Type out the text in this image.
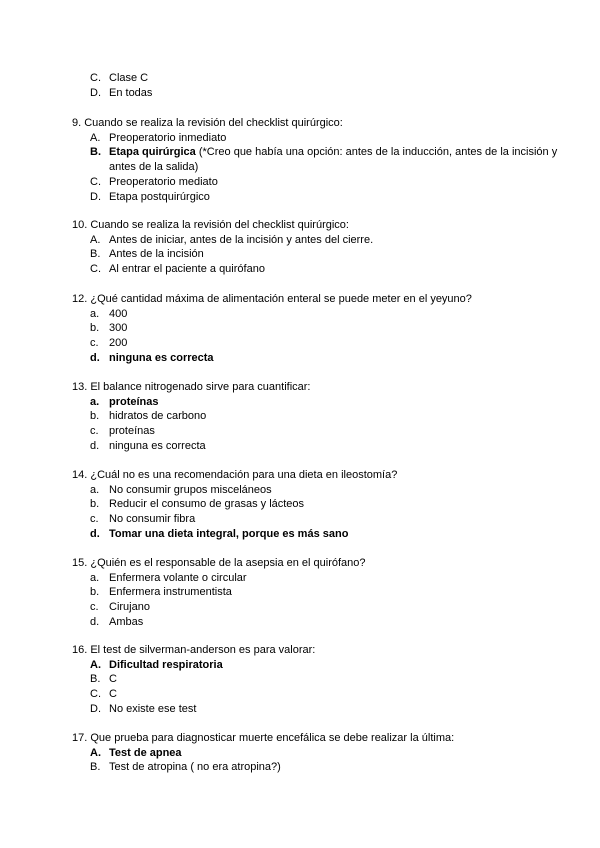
C. Clase C
D. En todas
9. Cuando se realiza la revisión del checklist quirúrgico:
A. Preoperatorio inmediato
B. Etapa quirúrgica (*Creo que había una opción: antes de la inducción, antes de la incisión y antes de la salida)
C. Preoperatorio mediato
D. Etapa postquirúrgico
10. Cuando se realiza la revisión del checklist quirúrgico:
A. Antes de iniciar, antes de la incisión y antes del cierre.
B. Antes de la incisión
C. Al entrar el paciente a quirófano
12. ¿Qué cantidad máxima de alimentación enteral se puede meter en el yeyuno?
a. 400
b. 300
c. 200
d. ninguna es correcta
13. El balance nitrogenado sirve para cuantificar:
a. proteínas
b. hidratos de carbono
c. proteínas
d. ninguna es correcta
14. ¿Cuál no es una recomendación para una dieta en ileostomía?
a. No consumir grupos misceláneos
b. Reducir el consumo de grasas y lácteos
c. No consumir fibra
d. Tomar una dieta integral, porque es más sano
15. ¿Quién es el responsable de la asepsia en el quirófano?
a. Enfermera volante o circular
b. Enfermera instrumentista
c. Cirujano
d. Ambas
16. El test de silverman-anderson es para valorar:
A. Dificultad respiratoria
B. C
C. C
D. No existe ese test
17. Que prueba para diagnosticar muerte encefálica se debe realizar la última:
A. Test de apnea
B. Test de atropina ( no era atropina?)
